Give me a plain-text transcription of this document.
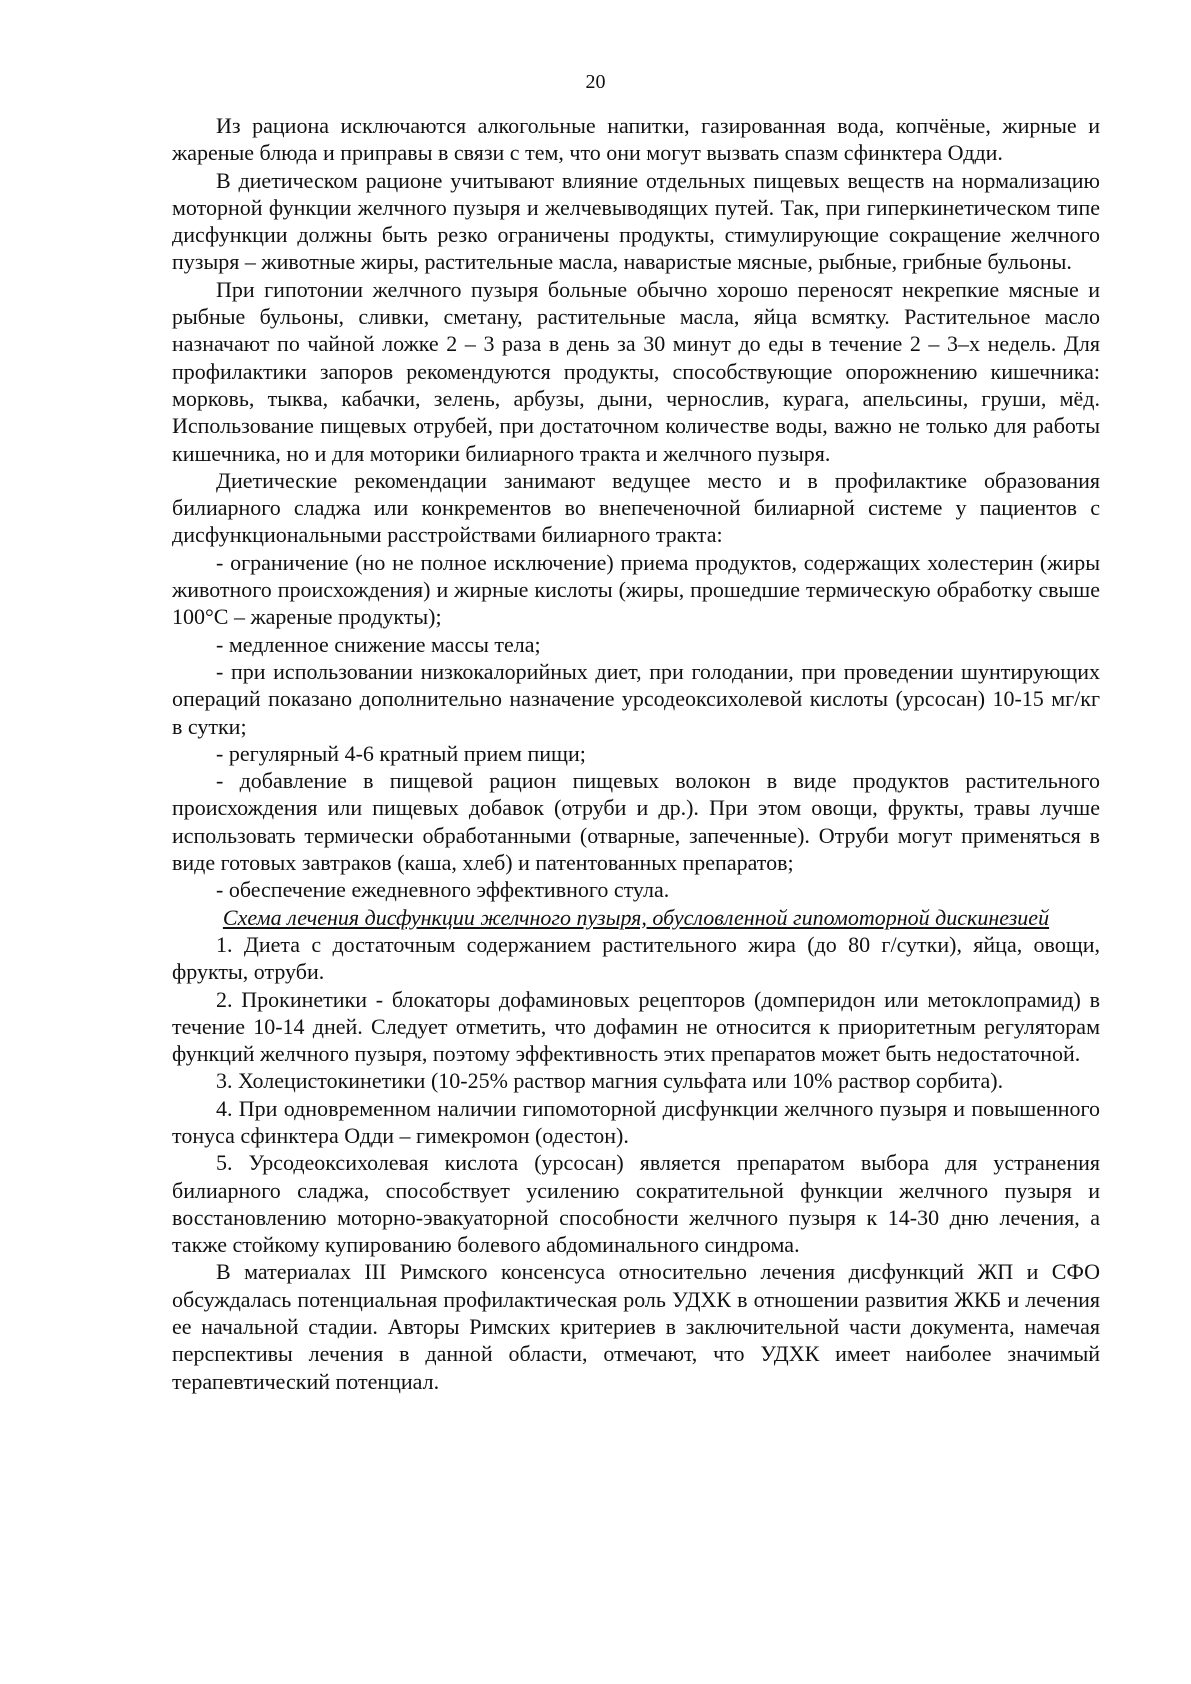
20

Из рациона исключаются алкогольные напитки, газированная вода, копчёные, жирные и жареные блюда и приправы в связи с тем, что они могут вызвать спазм сфинктера Одди.

В диетическом рационе учитывают влияние отдельных пищевых веществ на нормализацию моторной функции желчного пузыря и желчевыводящих путей. Так, при гиперкинетическом типе дисфункции должны быть резко ограничены продукты, стимулирующие сокращение желчного пузыря – животные жиры, растительные масла, наваристые мясные, рыбные, грибные бульоны.

При гипотонии желчного пузыря больные обычно хорошо переносят некрепкие мясные и рыбные бульоны, сливки, сметану, растительные масла, яйца всмятку. Растительное масло назначают по чайной ложке 2 – 3 раза в день за 30 минут до еды в течение 2 – 3–х недель. Для профилактики запоров рекомендуются продукты, способствующие опорожнению кишечника: морковь, тыква, кабачки, зелень, арбузы, дыни, чернослив, курага, апельсины, груши, мёд. Использование пищевых отрубей, при достаточном количестве воды, важно не только для работы кишечника, но и для моторики билиарного тракта и желчного пузыря.

Диетические рекомендации занимают ведущее место и в профилактике образования билиарного сладжа или конкрементов во внепеченочной билиарной системе у пациентов с дисфункциональными расстройствами билиарного тракта:

- ограничение (но не полное исключение) приема продуктов, содержащих холестерин (жиры животного происхождения) и жирные кислоты (жиры, прошедшие термическую обработку свыше 100°С – жареные продукты);

- медленное снижение массы тела;

- при использовании низкокалорийных диет, при голодании, при проведении шунтирующих операций показано дополнительно назначение урсодеоксихолевой кислоты (урсосан) 10-15 мг/кг в сутки;

- регулярный 4-6 кратный прием пищи;

- добавление в пищевой рацион пищевых волокон в виде продуктов растительного происхождения или пищевых добавок (отруби и др.). При этом овощи, фрукты, травы лучше использовать термически обработанными (отварные, запеченные). Отруби могут применяться в виде готовых завтраков (каша, хлеб) и патентованных препаратов;

- обеспечение ежедневного эффективного стула.

Схема лечения дисфункции желчного пузыря, обусловленной гипомоторной дискинезией

1. Диета с достаточным содержанием растительного жира (до 80 г/сутки), яйца, овощи, фрукты, отруби.

2. Прокинетики - блокаторы дофаминовых рецепторов (домперидон или метоклопрамид) в течение 10-14 дней. Следует отметить, что дофамин не относится к приоритетным регуляторам функций желчного пузыря, поэтому эффективность этих препаратов может быть недостаточной.

3. Холецистокинетики (10-25% раствор магния сульфата или 10% раствор сорбита).

4. При одновременном наличии гипомоторной дисфункции желчного пузыря и повышенного тонуса сфинктера Одди – гимекромон (одестон).

5. Урсодеоксихолевая кислота (урсосан) является препаратом выбора для устранения билиарного сладжа, способствует усилению сократительной функции желчного пузыря и восстановлению моторно-эвакуаторной способности желчного пузыря к 14-30 дню лечения, а также стойкому купированию болевого абдоминального синдрома.

В материалах III Римского консенсуса относительно лечения дисфункций ЖП и СФО обсуждалась потенциальная профилактическая роль УДХК в отношении развития ЖКБ и лечения ее начальной стадии. Авторы Римских критериев в заключительной части документа, намечая перспективы лечения в данной области, отмечают, что УДХК имеет наиболее значимый терапевтический потенциал.
